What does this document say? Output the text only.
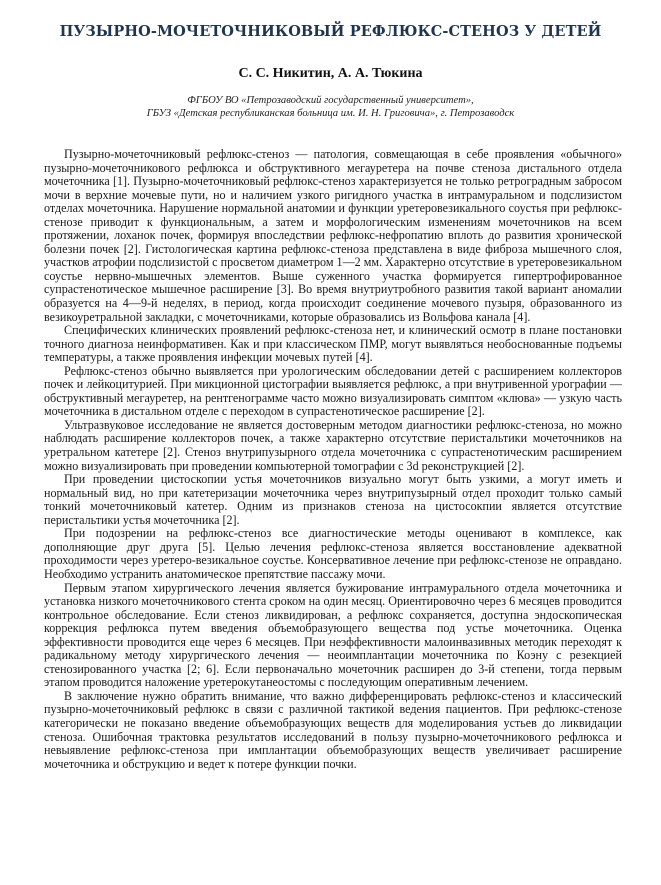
ПУЗЫРНО-МОЧЕТОЧНИКОВЫЙ РЕФЛЮКС-СТЕНОЗ У ДЕТЕЙ
С. С. Никитин, А. А. Тюкина
ФГБОУ ВО «Петрозаводский государственный университет»,
ГБУЗ «Детская республиканская больница им. И. Н. Григовича», г. Петрозаводск

Пузырно-мочеточниковый рефлюкс-стеноз — патология, совмещающая в себе проявления «обычного» пузырно-мочеточникового рефлюкса и обструктивного мегауретера на почве стеноза дистального отдела мочеточника [1]. Пузырно-мочеточниковый рефлюкс-стеноз характеризуется не только ретроградным забросом мочи в верхние мочевые пути, но и наличием узкого ригидного участка в интрамуральном и подслизистом отделах мочеточника. Нарушение нормальной анатомии и функции уретеровезикального соустья при рефлюкс-стенозе приводит к функциональным, а затем и морфологическим изменениям мочеточников на всем протяжении, лоханок почек, формируя впоследствии рефлюкс-нефропатию вплоть до развития хронической болезни почек [2]. Гистологическая картина рефлюкс-стеноза представлена в виде фиброза мышечного слоя, участков атрофии подслизистой с просветом диаметром 1—2 мм. Характерно отсутствие в уретеровезикальном соустье нервно-мышечных элементов. Выше суженного участка формируется гипертрофированное супрастенотическое мышечное расширение [3]. Во время внутриутробного развития такой вариант аномалии образуется на 4—9-й неделях, в период, когда происходит соединение мочевого пузыря, образованного из везикоуретральной закладки, с мочеточниками, которые образовались из Вольфова канала [4].

Специфических клинических проявлений рефлюкс-стеноза нет, и клинический осмотр в плане постановки точного диагноза неинформативен. Как и при классическом ПМР, могут выявляться необоснованные подъемы температуры, а также проявления инфекции мочевых путей [4].

Рефлюкс-стеноз обычно выявляется при урологическим обследовании детей с расширением коллекторов почек и лейкоцитурией. При микционной цистографии выявляется рефлюкс, а при внутривенной урографии — обструктивный мегауретер, на рентгенограмме часто можно визуализировать симптом «клюва» — узкую часть мочеточника в дистальном отделе с переходом в супрастенотическое расширение [2].

Ультразвуковое исследование не является достоверным методом диагностики рефлюкс-стеноза, но можно наблюдать расширение коллекторов почек, а также характерно отсутствие перистальтики мочеточников на уретральном катетере [2]. Стеноз внутрипузырного отдела мочеточника с супрастенотическим расширением можно визуализировать при проведении компьютерной томографии с 3d реконструкцией [2].

При проведении цистоскопии устья мочеточников визуально могут быть узкими, а могут иметь и нормальный вид, но при катетеризации мочеточника через внутрипузырный отдел проходит только самый тонкий мочеточниковый катетер. Одним из признаков стеноза на цистосокпии является отсутствие перистальтики устья мочеточника [2].

При подозрении на рефлюкс-стеноз все диагностические методы оценивают в комплексе, как дополняющие друг друга [5]. Целью лечения рефлюкс-стеноза является восстановление адекватной проходимости через уретеро-везикальное соустье. Консервативное лечение при рефлюкс-стенозе не оправдано. Необходимо устранить анатомическое препятствие пассажу мочи.

Первым этапом хирургического лечения является бужирование интрамурального отдела мочеточника и установка низкого мочеточникового стента сроком на один месяц. Ориентировочно через 6 месяцев проводится контрольное обследование. Если стеноз ликвидирован, а рефлюкс сохраняется, доступна эндоскопическая коррекция рефлюкса путем введения объемобразующего вещества под устье мочеточника. Оценка эффективности проводится еще через 6 месяцев. При неэффективности малоинвазивных методик переходят к радикальному методу хирургического лечения — неоимплантации мочеточника по Коэну с резекцией стенозированного участка [2; 6]. Если первоначально мочеточник расширен до 3-й степени, тогда первым этапом проводится наложение уретерокутанеостомы с последующим оперативным лечением.

В заключение нужно обратить внимание, что важно дифференцировать рефлюкс-стеноз и классический пузырно-мочеточниковый рефлюкс в связи с различной тактикой ведения пациентов. При рефлюкс-стенозе категорически не показано введение объемобразующих веществ для моделирования устьев до ликвидации стеноза. Ошибочная трактовка результатов исследований в пользу пузырно-мочеточникового рефлюкса и невыявление рефлюкс-стеноза при имплантации объемобразующих веществ увеличивает расширение мочеточника и обструкцию и ведет к потере функции почки.
